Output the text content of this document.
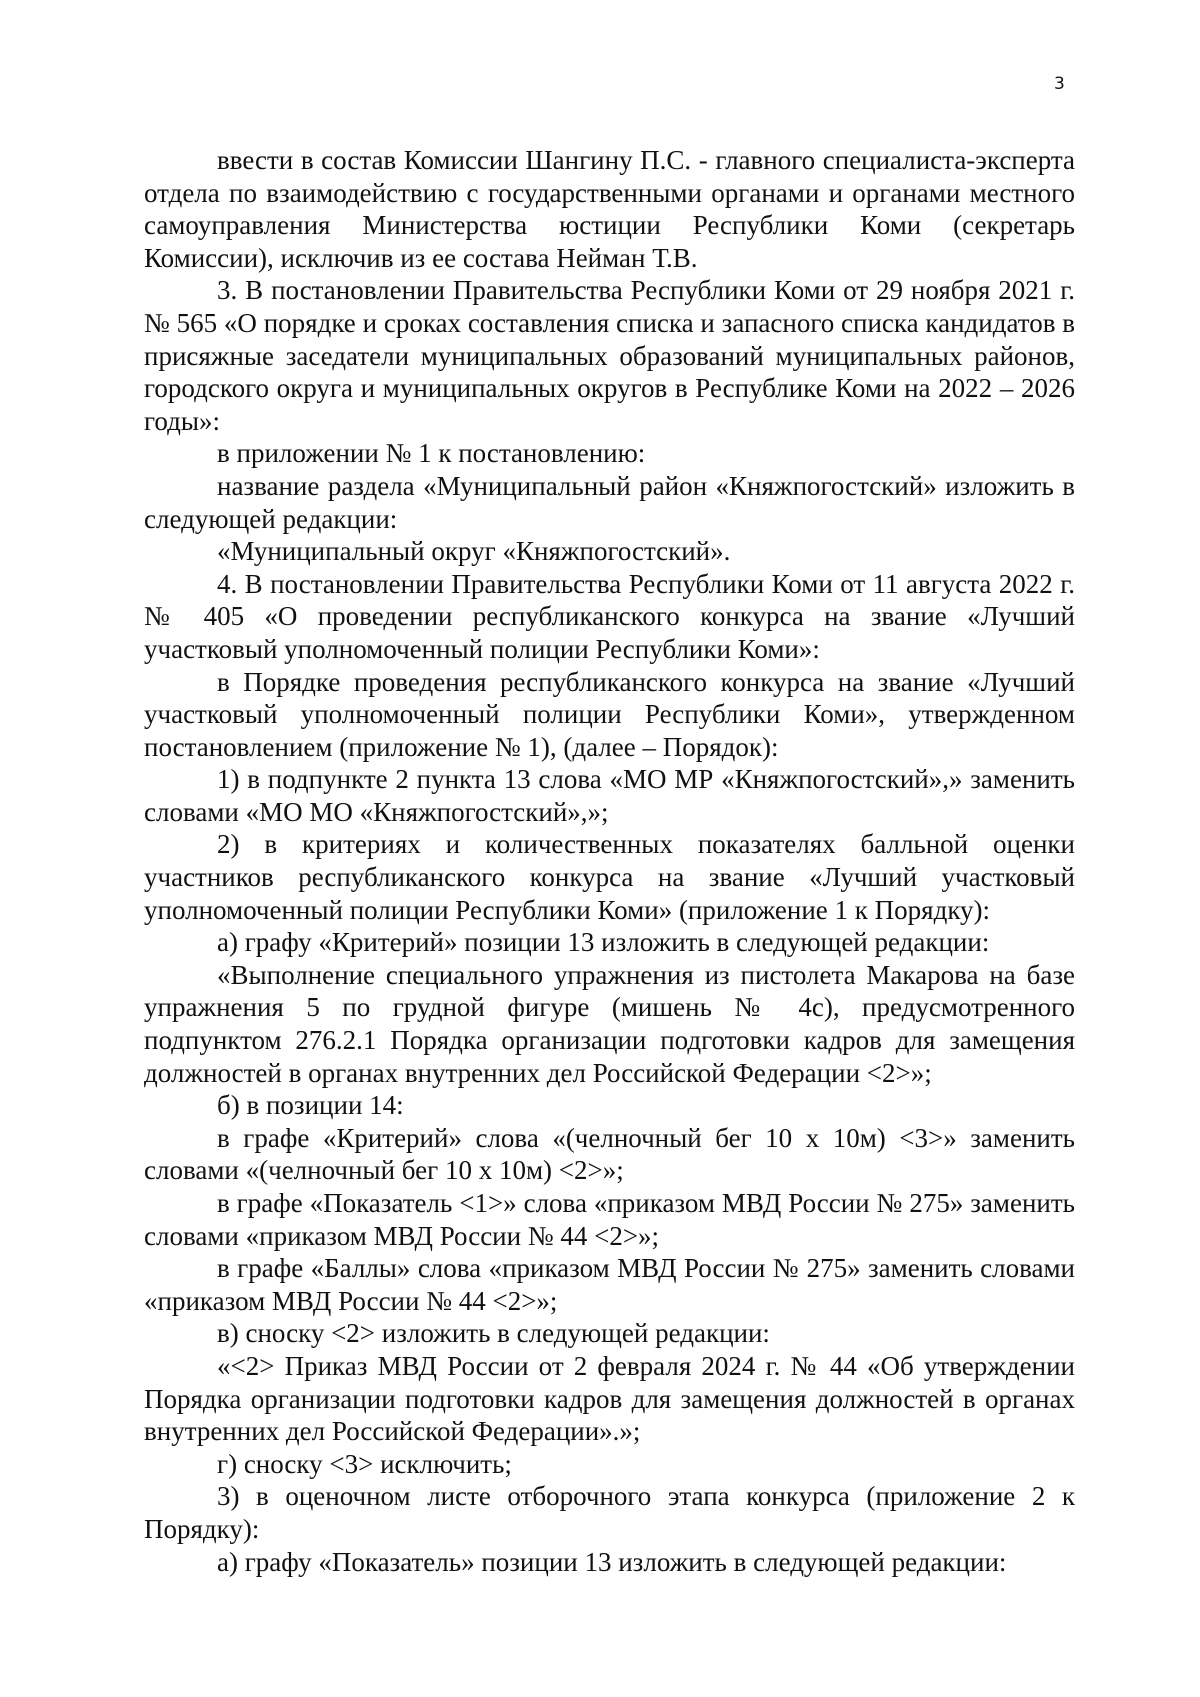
3

ввести в состав Комиссии Шангину П.С. - главного специалиста-эксперта отдела по взаимодействию с государственными органами и органами местного самоуправления Министерства юстиции Республики Коми (секретарь Комиссии), исключив из ее состава Нейман Т.В.

3. В постановлении Правительства Республики Коми от 29 ноября 2021 г. № 565 «О порядке и сроках составления списка и запасного списка кандидатов в присяжные заседатели муниципальных образований муниципальных районов, городского округа и муниципальных округов в Республике Коми на 2022 – 2026 годы»:

в приложении № 1 к постановлению:

название раздела «Муниципальный район «Княжпогостский» изложить в следующей редакции:

«Муниципальный округ «Княжпогостский».

4. В постановлении Правительства Республики Коми от 11 августа 2022 г. № 405 «О проведении республиканского конкурса на звание «Лучший участковый уполномоченный полиции Республики Коми»:

в Порядке проведения республиканского конкурса на звание «Лучший участковый уполномоченный полиции Республики Коми», утвержденном постановлением (приложение № 1), (далее – Порядок):

1) в подпункте 2 пункта 13 слова «МО МР «Княжпогостский»,» заменить словами «МО МО «Княжпогостский»,»;

2) в критериях и количественных показателях балльной оценки участников республиканского конкурса на звание «Лучший участковый уполномоченный полиции Республики Коми» (приложение 1 к Порядку):

а) графу «Критерий» позиции 13 изложить в следующей редакции:

«Выполнение специального упражнения из пистолета Макарова на базе упражнения 5 по грудной фигуре (мишень № 4с), предусмотренного подпунктом 276.2.1 Порядка организации подготовки кадров для замещения должностей в органах внутренних дел Российской Федерации <2>»;

б) в позиции 14:

в графе «Критерий» слова «(челночный бег 10 x 10м) <3>» заменить словами «(челночный бег 10 x 10м) <2>»;

в графе «Показатель <1>» слова «приказом МВД России № 275» заменить словами «приказом МВД России № 44 <2>»;

в графе «Баллы» слова «приказом МВД России № 275» заменить словами «приказом МВД России № 44 <2>»;

в) сноску <2> изложить в следующей редакции:

«<2> Приказ МВД России от 2 февраля 2024 г. № 44 «Об утверждении Порядка организации подготовки кадров для замещения должностей в органах внутренних дел Российской Федерации».»;

г) сноску <3> исключить;

3) в оценочном листе отборочного этапа конкурса (приложение 2 к Порядку):

а) графу «Показатель» позиции 13 изложить в следующей редакции:
